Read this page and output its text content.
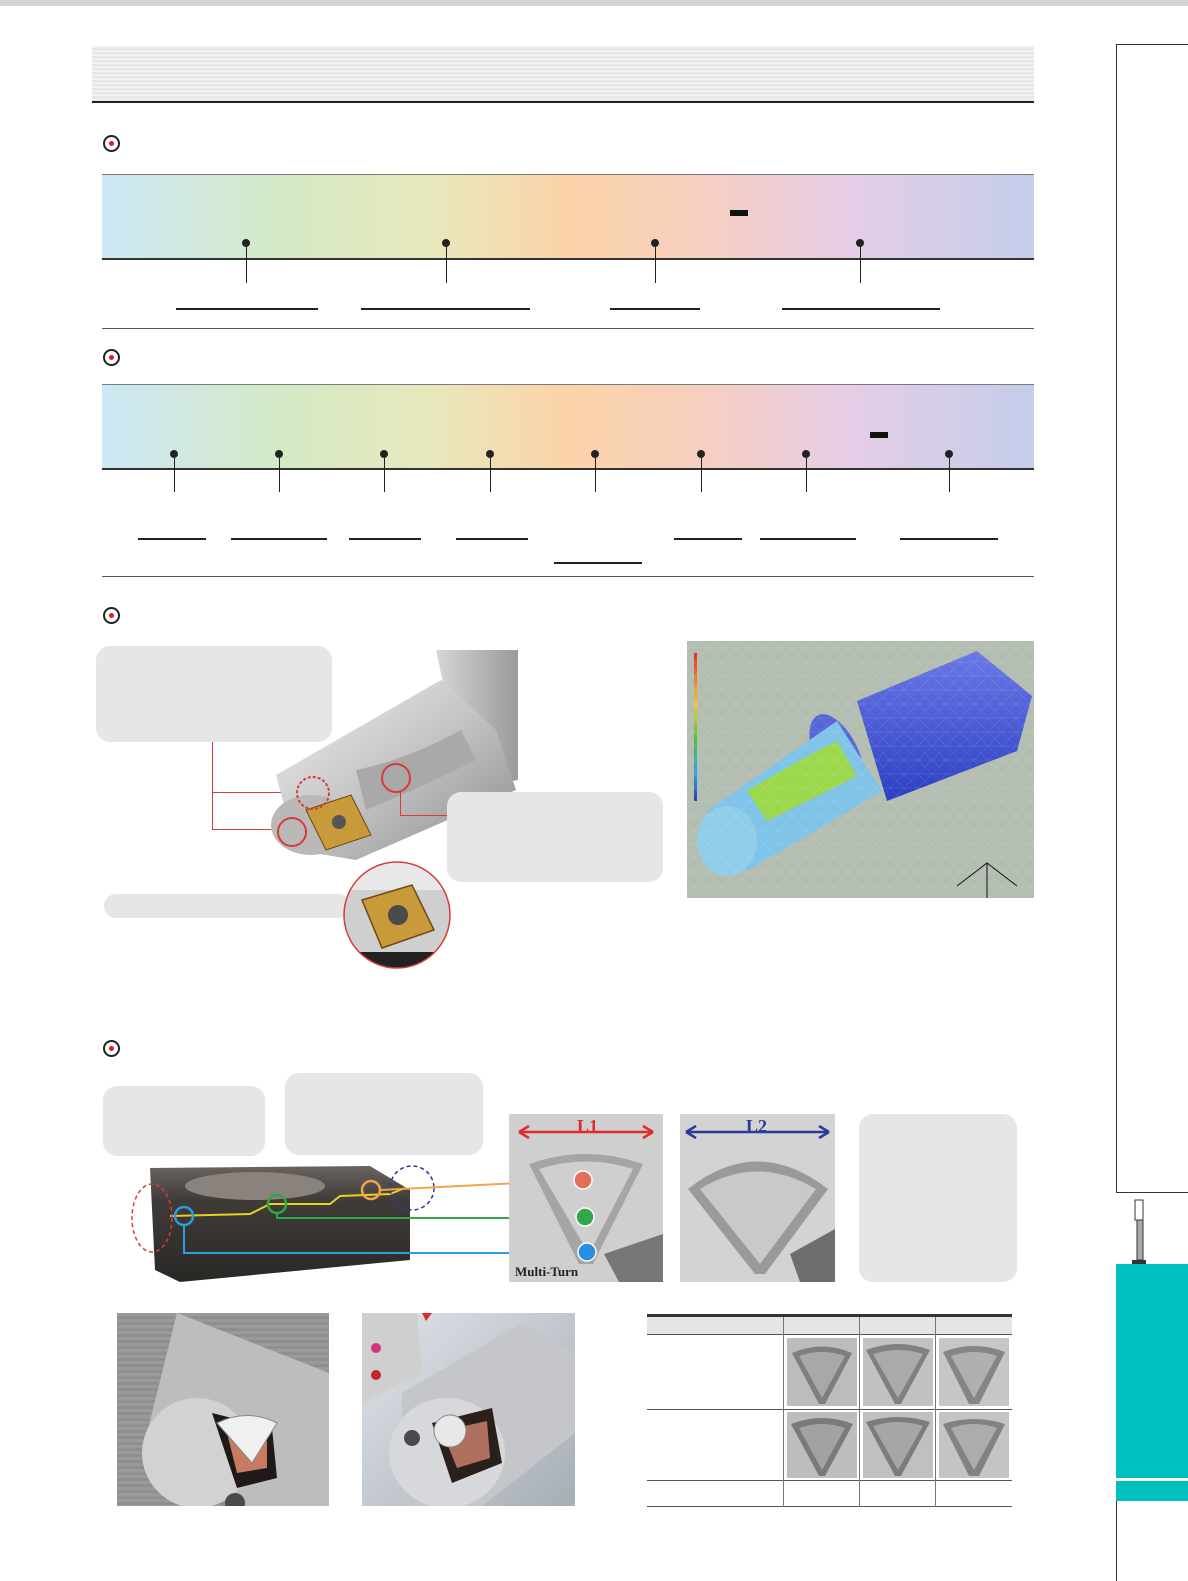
L1
Multi-Turn
L2
